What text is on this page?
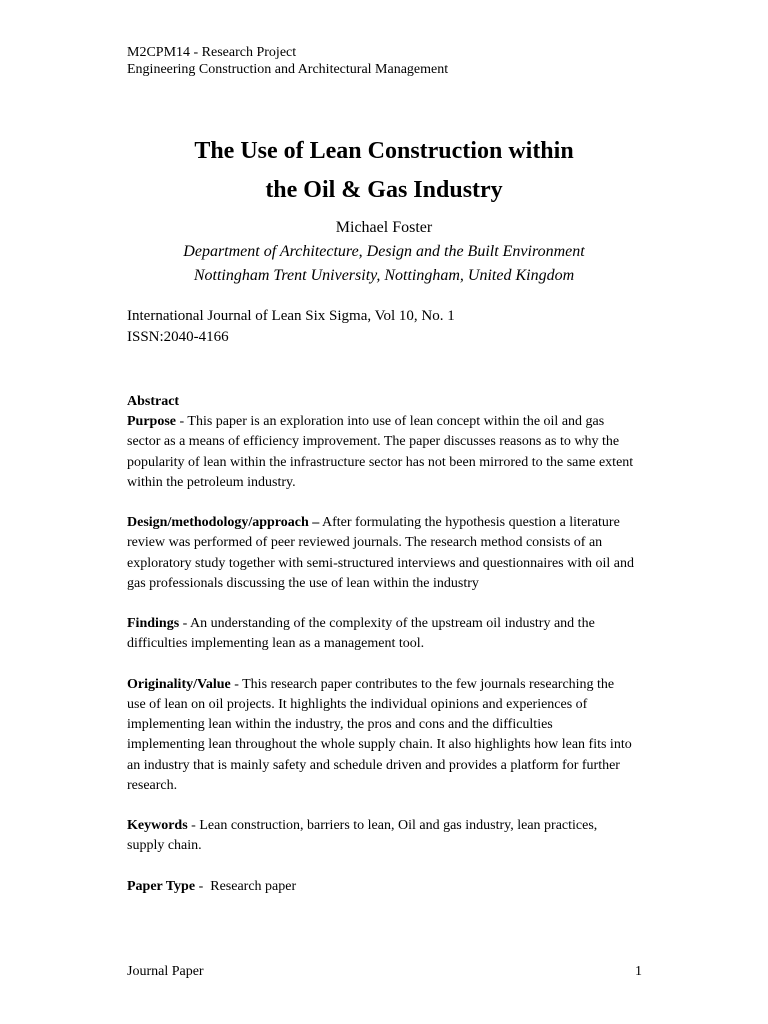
M2CPM14 - Research Project
Engineering Construction and Architectural Management
The Use of Lean Construction within
the Oil & Gas Industry
Michael Foster
Department of Architecture, Design and the Built Environment
Nottingham Trent University, Nottingham, United Kingdom
International Journal of Lean Six Sigma, Vol 10, No. 1
ISSN:2040-4166
Abstract

Purpose - This paper is an exploration into use of lean concept within the oil and gas
sector as a means of efficiency improvement. The paper discusses reasons as to why the
popularity of lean within the infrastructure sector has not been mirrored to the same extent
within the petroleum industry.

Design/methodology/approach – After formulating the hypothesis question a literature
review was performed of peer reviewed journals. The research method consists of an
exploratory study together with semi-structured interviews and questionnaires with oil and
gas professionals discussing the use of lean within the industry

Findings - An understanding of the complexity of the upstream oil industry and the
difficulties implementing lean as a management tool.

Originality/Value - This research paper contributes to the few journals researching the
use of lean on oil projects. It highlights the individual opinions and experiences of
implementing lean within the industry, the pros and cons and the difficulties
implementing lean throughout the whole supply chain. It also highlights how lean fits into
an industry that is mainly safety and schedule driven and provides a platform for further
research.

Keywords - Lean construction, barriers to lean, Oil and gas industry, lean practices,
supply chain.

Paper Type -  Research paper

Journal Paper	1
